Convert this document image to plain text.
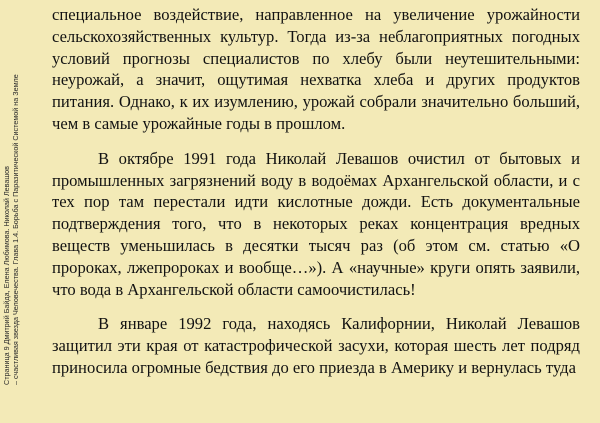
Страница 9 Дмитрий Байда, Елена Любимова. Николай Левашов – счастливая звезда Человечества. Глава 1.4. Борьба с Паразитической Системой на Земле

специальное воздействие, направленное на увеличение урожайности сельскохозяйственных культур. Тогда из-за неблагоприятных погодных условий прогнозы специалистов по хлебу были неутешительными: неурожай, а значит, ощутимая нехватка хлеба и других продуктов питания. Однако, к их изумлению, урожай собрали значительно больший, чем в самые урожайные годы в прошлом.

В октябре 1991 года Николай Левашов очистил от бытовых и промышленных загрязнений воду в водоёмах Архангельской области, и с тех пор там перестали идти кислотные дожди. Есть документальные подтверждения того, что в некоторых реках концентрация вредных веществ уменьшилась в десятки тысяч раз (об этом см. статью «О пророках, лжепророках и вообще…»). А «научные» круги опять заявили, что вода в Архангельской области самоочистилась!

В январе 1992 года, находясь Калифорнии, Николай Левашов защитил эти края от катастрофической засухи, которая шесть лет подряд приносила огромные бедствия до его приезда в Америку и вернулась туда
